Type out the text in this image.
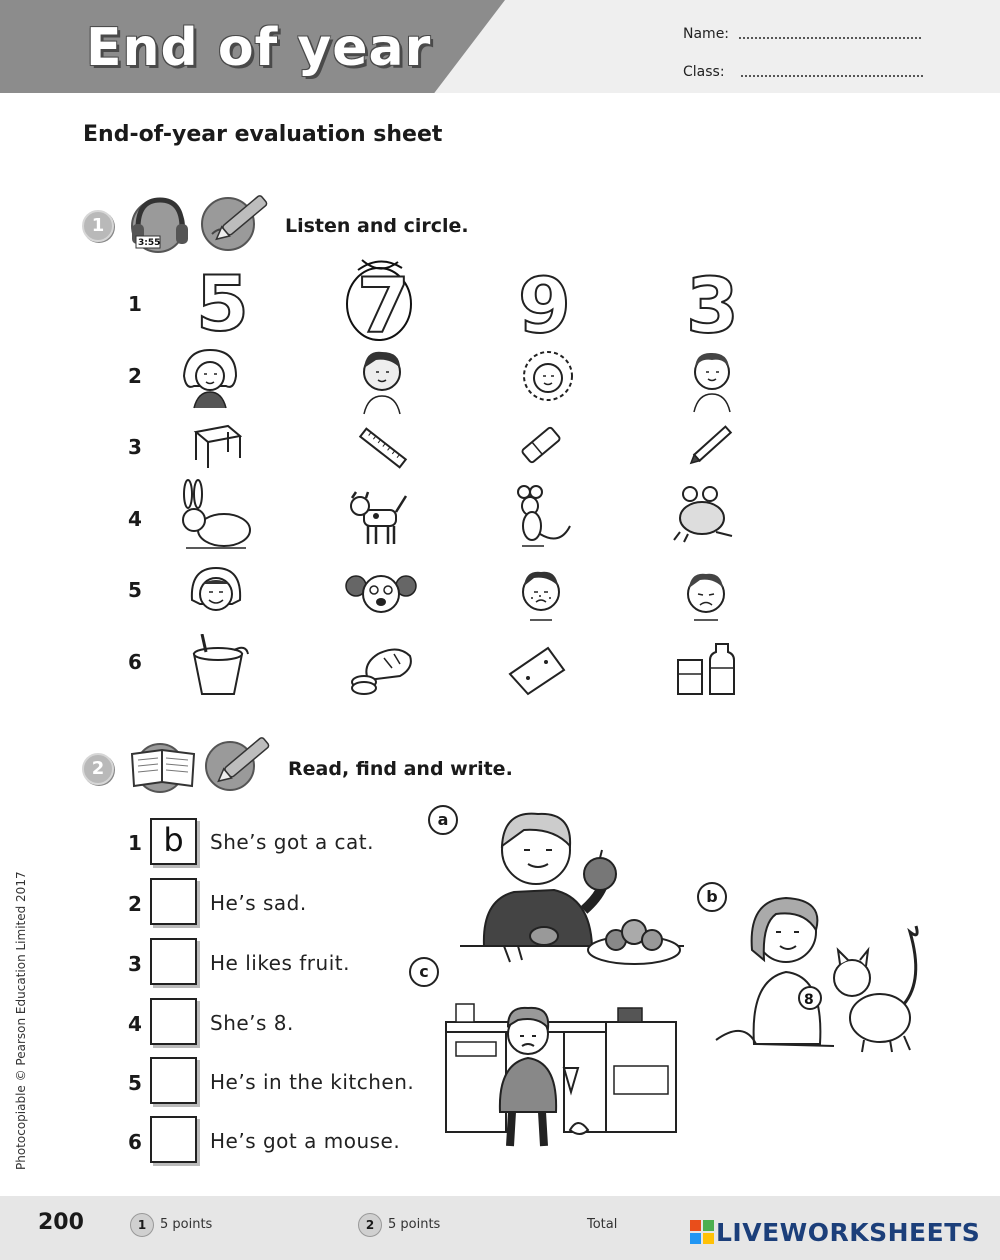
End of year	Name:
Class:
End-of-year evaluation sheet
1
3:55
Listen and circle.
1
2
3
4
5
6
5 7 9 3
2	Read, find and write.
1 b	She’s got a cat.
2	He’s sad.
3	He likes fruit.
4	She’s 8.
5	He’s in the kitchen.
6	He’s got a mouse.
8
a
b
c
Photocopiable © Pearson Education Limited 2017
200	1	5 points	2	5 points	Total	LIVEWORKSHEETS
